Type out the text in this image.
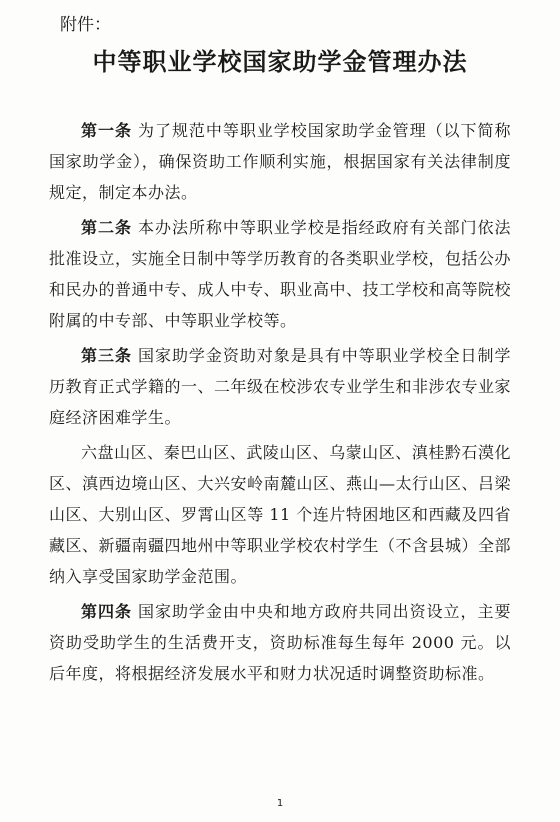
附件：
中等职业学校国家助学金管理办法

第一条 为了规范中等职业学校国家助学金管理（以下简称国家助学金），确保资助工作顺利实施，根据国家有关法律制度规定，制定本办法。

第二条 本办法所称中等职业学校是指经政府有关部门依法批准设立，实施全日制中等学历教育的各类职业学校，包括公办和民办的普通中专、成人中专、职业高中、技工学校和高等院校附属的中专部、中等职业学校等。

第三条 国家助学金资助对象是具有中等职业学校全日制学历教育正式学籍的一、二年级在校涉农专业学生和非涉农专业家庭经济困难学生。

六盘山区、秦巴山区、武陵山区、乌蒙山区、滇桂黔石漠化区、滇西边境山区、大兴安岭南麓山区、燕山—太行山区、吕梁山区、大别山区、罗霄山区等 11 个连片特困地区和西藏及四省藏区、新疆南疆四地州中等职业学校农村学生（不含县城）全部纳入享受国家助学金范围。

第四条 国家助学金由中央和地方政府共同出资设立，主要资助受助学生的生活费开支，资助标准每生每年 2000 元。以后年度，将根据经济发展水平和财力状况适时调整资助标准。

1
